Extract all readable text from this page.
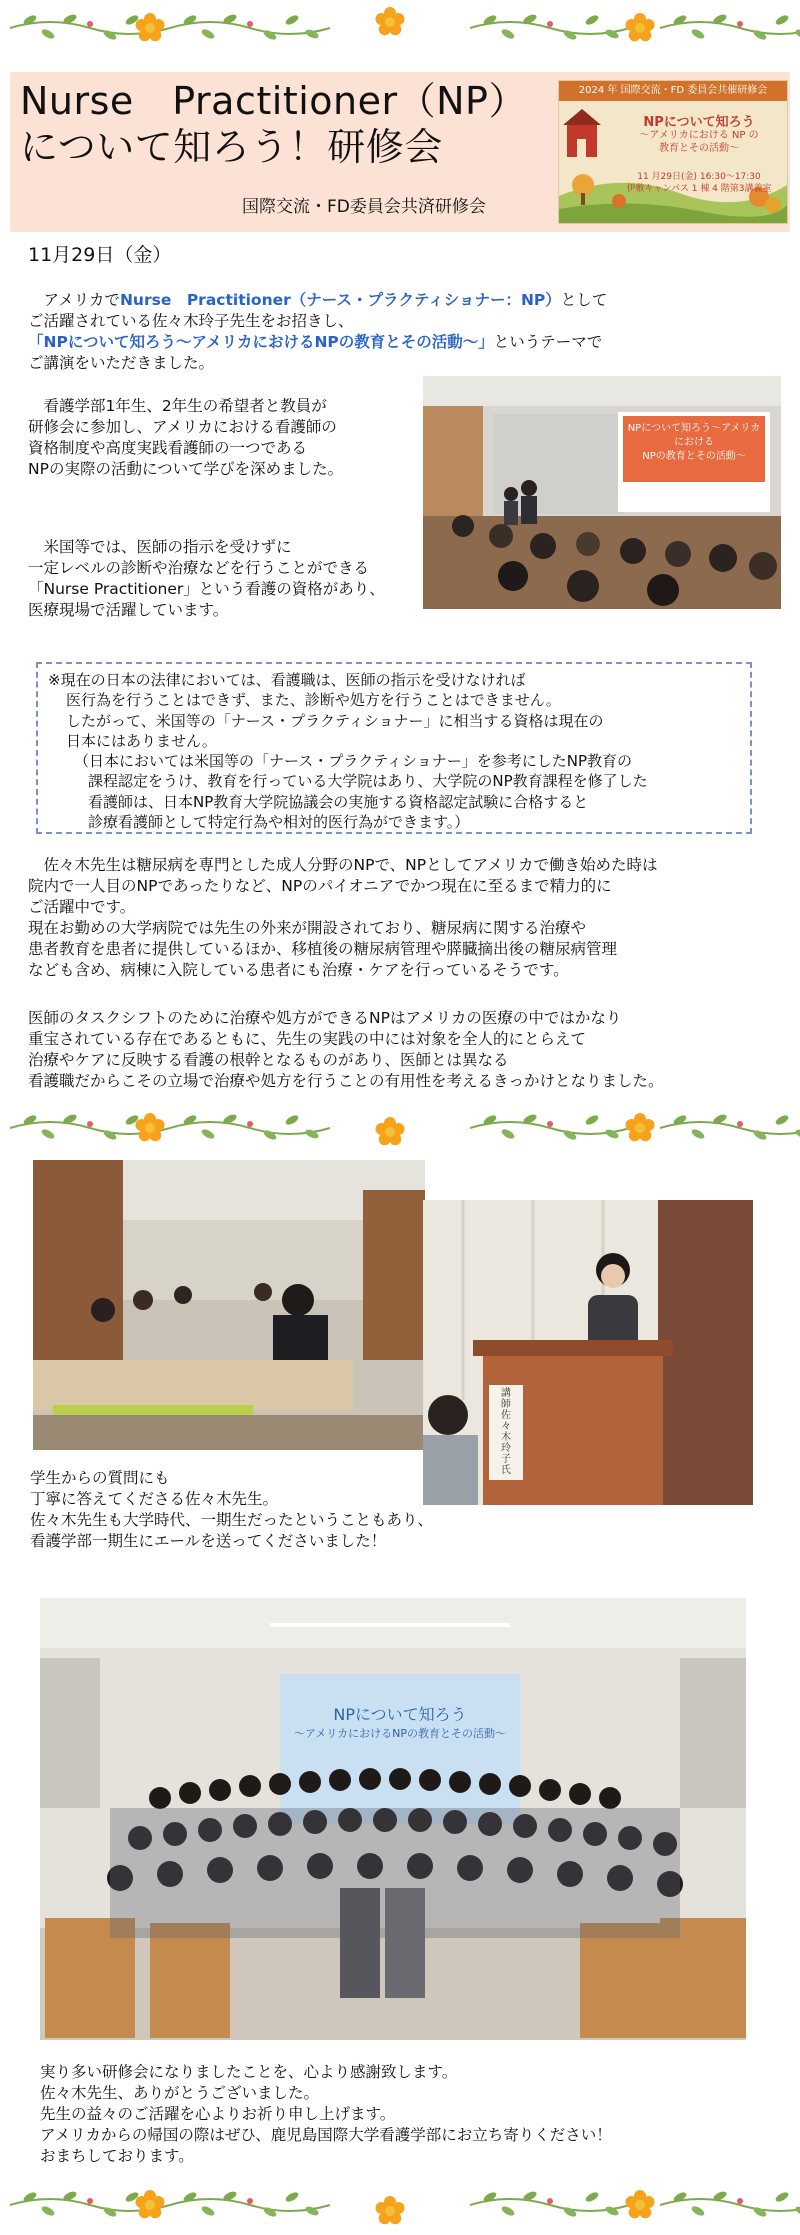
Nurse　Practitioner（NP）
について知ろう！研修会
国際交流・FD委員会共済研修会
2024 年 国際交流・FD 委員会共催研修会
NPについて知ろう
〜アメリカにおける NP の
教育とその活動〜
11 月29日(金) 16:30〜17:30
伊敷キャンパス 1 棟 4 階第3講義室
11月29日（金）
　アメリカでNurse　Practitioner（ナース・プラクティショナー：NP）として
ご活躍されている佐々木玲子先生をお招きし、
「NPについて知ろう〜アメリカにおけるNPの教育とその活動〜」というテーマで
ご講演をいただきました。
　看護学部1年生、2年生の希望者と教員が
研修会に参加し、アメリカにおける看護師の
資格制度や高度実践看護師の一つである
NPの実際の活動について学びを深めました。
　米国等では、医師の指示を受けずに
一定レベルの診断や治療などを行うことができる
「Nurse Practitioner」という看護の資格があり、
医療現場で活躍しています。
NPについて知ろう〜アメリカにおける
NPの教育とその活動〜
※現在の日本の法律においては、看護職は、医師の指示を受けなければ
医行為を行うことはできず、また、診断や処方を行うことはできません。
したがって、米国等の「ナース・プラクティショナー」に相当する資格は現在の
日本にはありません。
（日本においては米国等の「ナース・プラクティショナー」を参考にしたNP教育の
課程認定をうけ、教育を行っている大学院はあり、大学院のNP教育課程を修了した
看護師は、日本NP教育大学院協議会の実施する資格認定試験に合格すると
診療看護師として特定行為や相対的医行為ができます。）
　佐々木先生は糖尿病を専門とした成人分野のNPで、NPとしてアメリカで働き始めた時は
院内で一人目のNPであったりなど、NPのパイオニアでかつ現在に至るまで精力的に
ご活躍中です。
現在お勤めの大学病院では先生の外来が開設されており、糖尿病に関する治療や
患者教育を患者に提供しているほか、移植後の糖尿病管理や膵臓摘出後の糖尿病管理
なども含め、病棟に入院している患者にも治療・ケアを行っているそうです。
医師のタスクシフトのために治療や処方ができるNPはアメリカの医療の中ではかなり
重宝されている存在であるともに、先生の実践の中には対象を全人的にとらえて
治療やケアに反映する看護の根幹となるものがあり、医師とは異なる
看護職だからこその立場で治療や処方を行うことの有用性を考えるきっかけとなりました。
講
師
佐
々
木
玲
子
氏
学生からの質問にも
丁寧に答えてくださる佐々木先生。
佐々木先生も大学時代、一期生だったということもあり、
看護学部一期生にエールを送ってくださいました！
NPについて知ろう
〜アメリカにおけるNPの教育とその活動〜
実り多い研修会になりましたことを、心より感謝致します。
佐々木先生、ありがとうございました。
先生の益々のご活躍を心よりお祈り申し上げます。
アメリカからの帰国の際はぜひ、鹿児島国際大学看護学部にお立ち寄りください！
おまちしております。
